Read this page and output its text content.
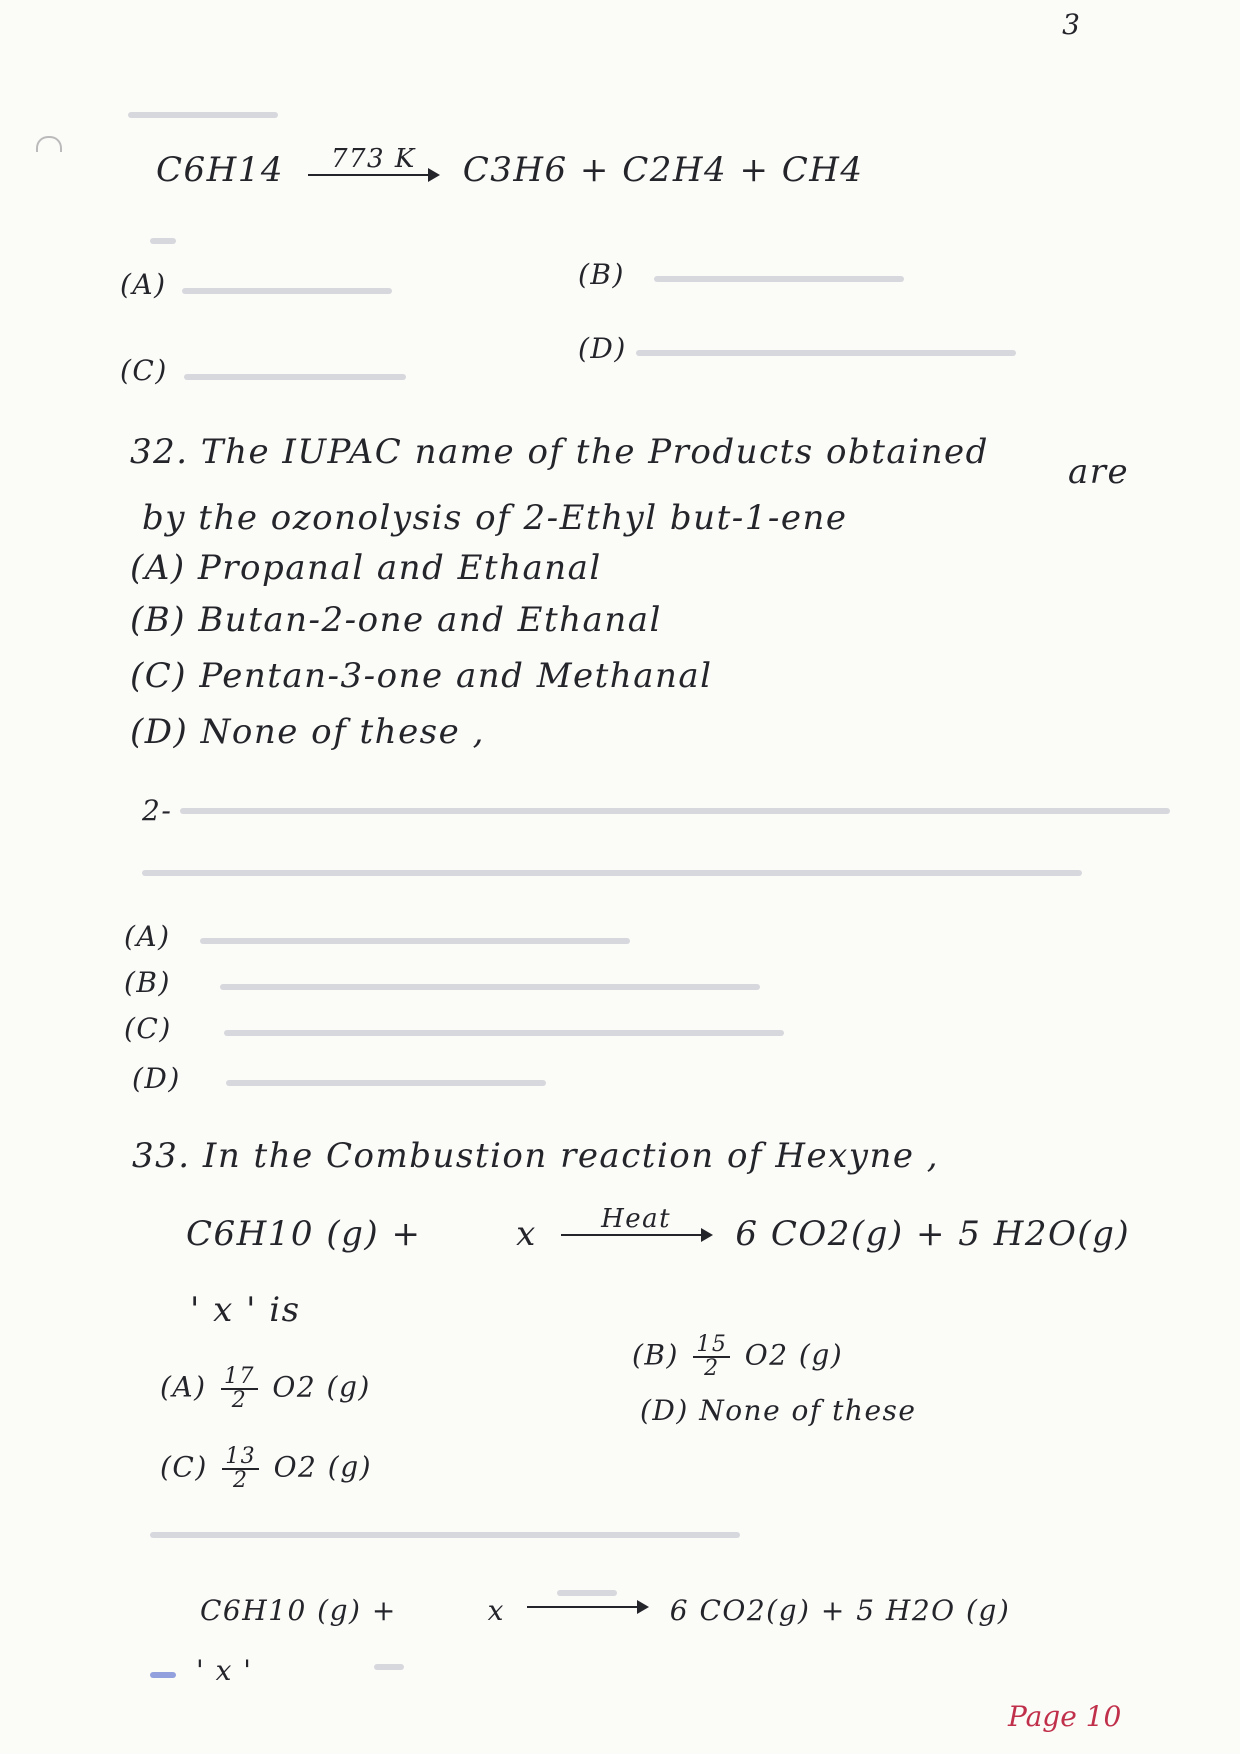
3
C6H14	773 K	C3H6 + C2H4 + CH4
(A)	(B)
(C)
(D)
32. The IUPAC name of the Products obtained are
by the ozonolysis of 2-Ethyl but-1-ene
(A) Propanal and Ethanal
(B) Butan-2-one and Ethanal
(C) Pentan-3-one and Methanal
(D) None of these ,
2-
(A)
(B)
(C)
(D)
33. In the Combustion reaction of Hexyne ,
C6H10 (g) +	x	Heat	6 CO2(g) + 5 H2O(g)
' x ' is
$(A) \frac{17}{2} O2$ (g)
$(B) \frac{15}{2} O2$ (g)
(D) None of these
$(C) \frac{13}{2} O2$ (g)
C6H10 (g) +	x	6 CO2(g) + 5 H2O (g)
' x '
Page 10
